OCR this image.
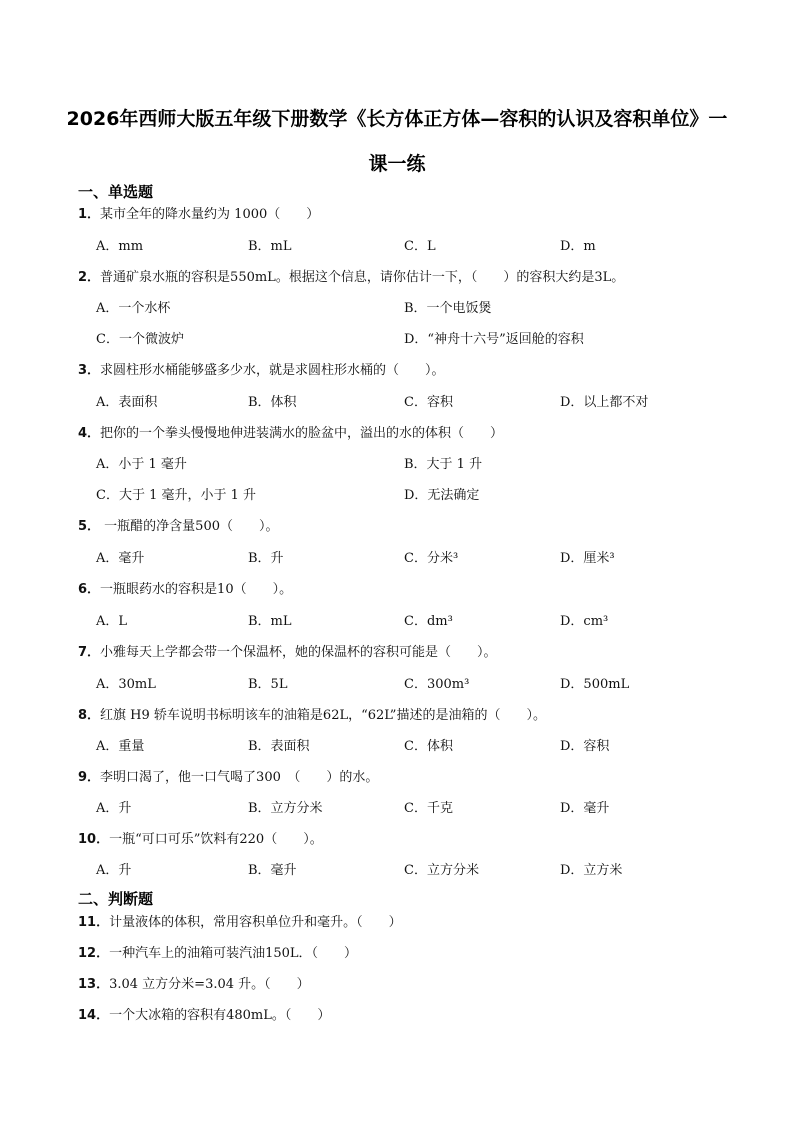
2026年西师大版五年级下册数学《长方体正方体—容积的认识及容积单位》一
课一练
一、单选题
1．某市全年的降水量约为 1000（　　）
A．mm	B．mL	C．L	D．m
2．普通矿泉水瓶的容积是550mL。根据这个信息，请你估计一下，（　　）的容积大约是3L。
A．一个水杯	B．一个电饭煲
C．一个微波炉	D．“神舟十六号”返回舱的容积
3．求圆柱形水桶能够盛多少水，就是求圆柱形水桶的（　　）。
A．表面积	B．体积	C．容积	D．以上都不对
4．把你的一个拳头慢慢地伸进装满水的脸盆中，溢出的水的体积（　　）
A．小于 1 毫升	B．大于 1 升
C．大于 1 毫升，小于 1 升	D．无法确定
5． 一瓶醋的净含量500（　　）。
A．毫升	B．升	C．分米³	D．厘米³
6．一瓶眼药水的容积是10（　　）。
A．L	B．mL	C．dm³	D．cm³
7．小雅每天上学都会带一个保温杯，她的保温杯的容积可能是（　　）。
A．30mL	B．5L	C．300m³	D．500mL
8．红旗 H9 轿车说明书标明该车的油箱是62L，“62L”描述的是油箱的（　　）。
A．重量	B．表面积	C．体积	D．容积
9．李明口渴了，他一口气喝了300　（　　）的水。
A．升	B．立方分米	C．千克	D．毫升
10．一瓶“可口可乐”饮料有220（　　）。
A．升	B．毫升	C．立方分米	D．立方米
二、判断题
11．计量液体的体积，常用容积单位升和毫升。（　　）
12．一种汽车上的油箱可装汽油150L．（　　）
13．3.04 立方分米=3.04 升。（　　）
14．一个大冰箱的容积有480mL。（　　）
